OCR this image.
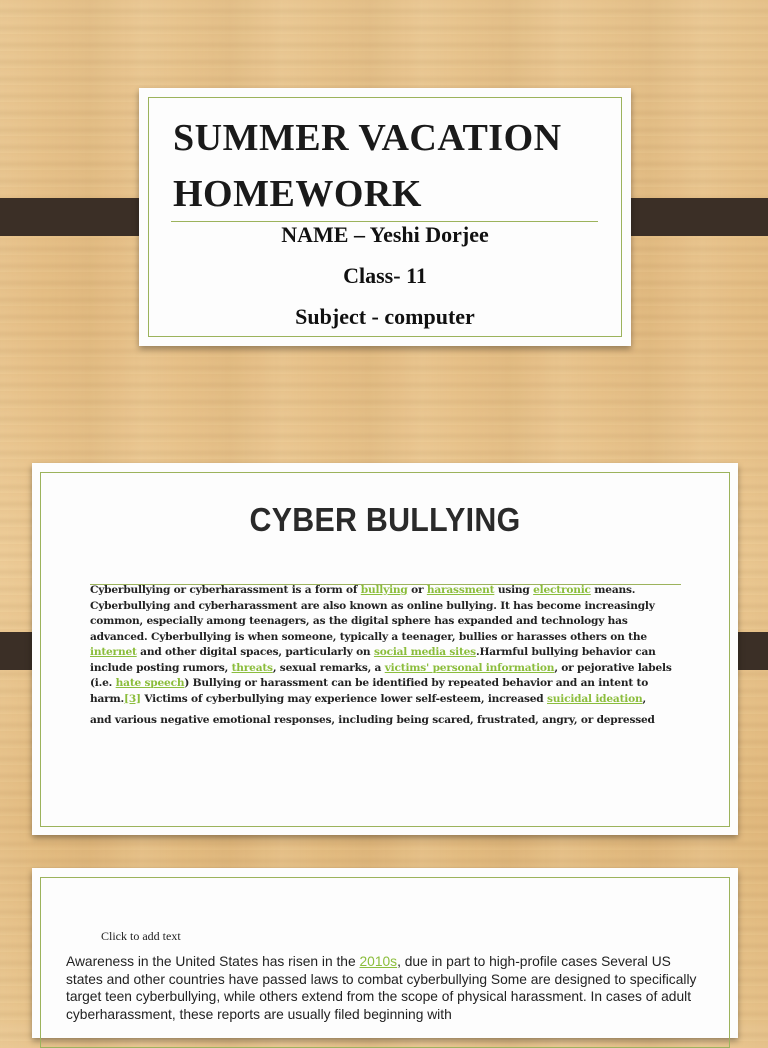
SUMMER VACATION HOMEWORK
NAME – Yeshi Dorjee
Class- 11
Subject - computer
CYBER BULLYING
Cyberbullying or cyberharassment is a form of bullying or harassment using electronic means. Cyberbullying and cyberharassment are also known as online bullying. It has become increasingly common, especially among teenagers, as the digital sphere has expanded and technology has advanced. Cyberbullying is when someone, typically a teenager, bullies or harasses others on the internet and other digital spaces, particularly on social media sites.Harmful bullying behavior can include posting rumors, threats, sexual remarks, a victims' personal information, or pejorative labels (i.e. hate speech) Bullying or harassment can be identified by repeated behavior and an intent to harm.[3] Victims of cyberbullying may experience lower self-esteem, increased suicidal ideation,
and various negative emotional responses, including being scared, frustrated, angry, or depressed
Click to add text
Awareness in the United States has risen in the 2010s, due in part to high-profile cases Several US states and other countries have passed laws to combat cyberbullying Some are designed to specifically target teen cyberbullying, while others extend from the scope of physical harassment. In cases of adult cyberharassment, these reports are usually filed beginning with
